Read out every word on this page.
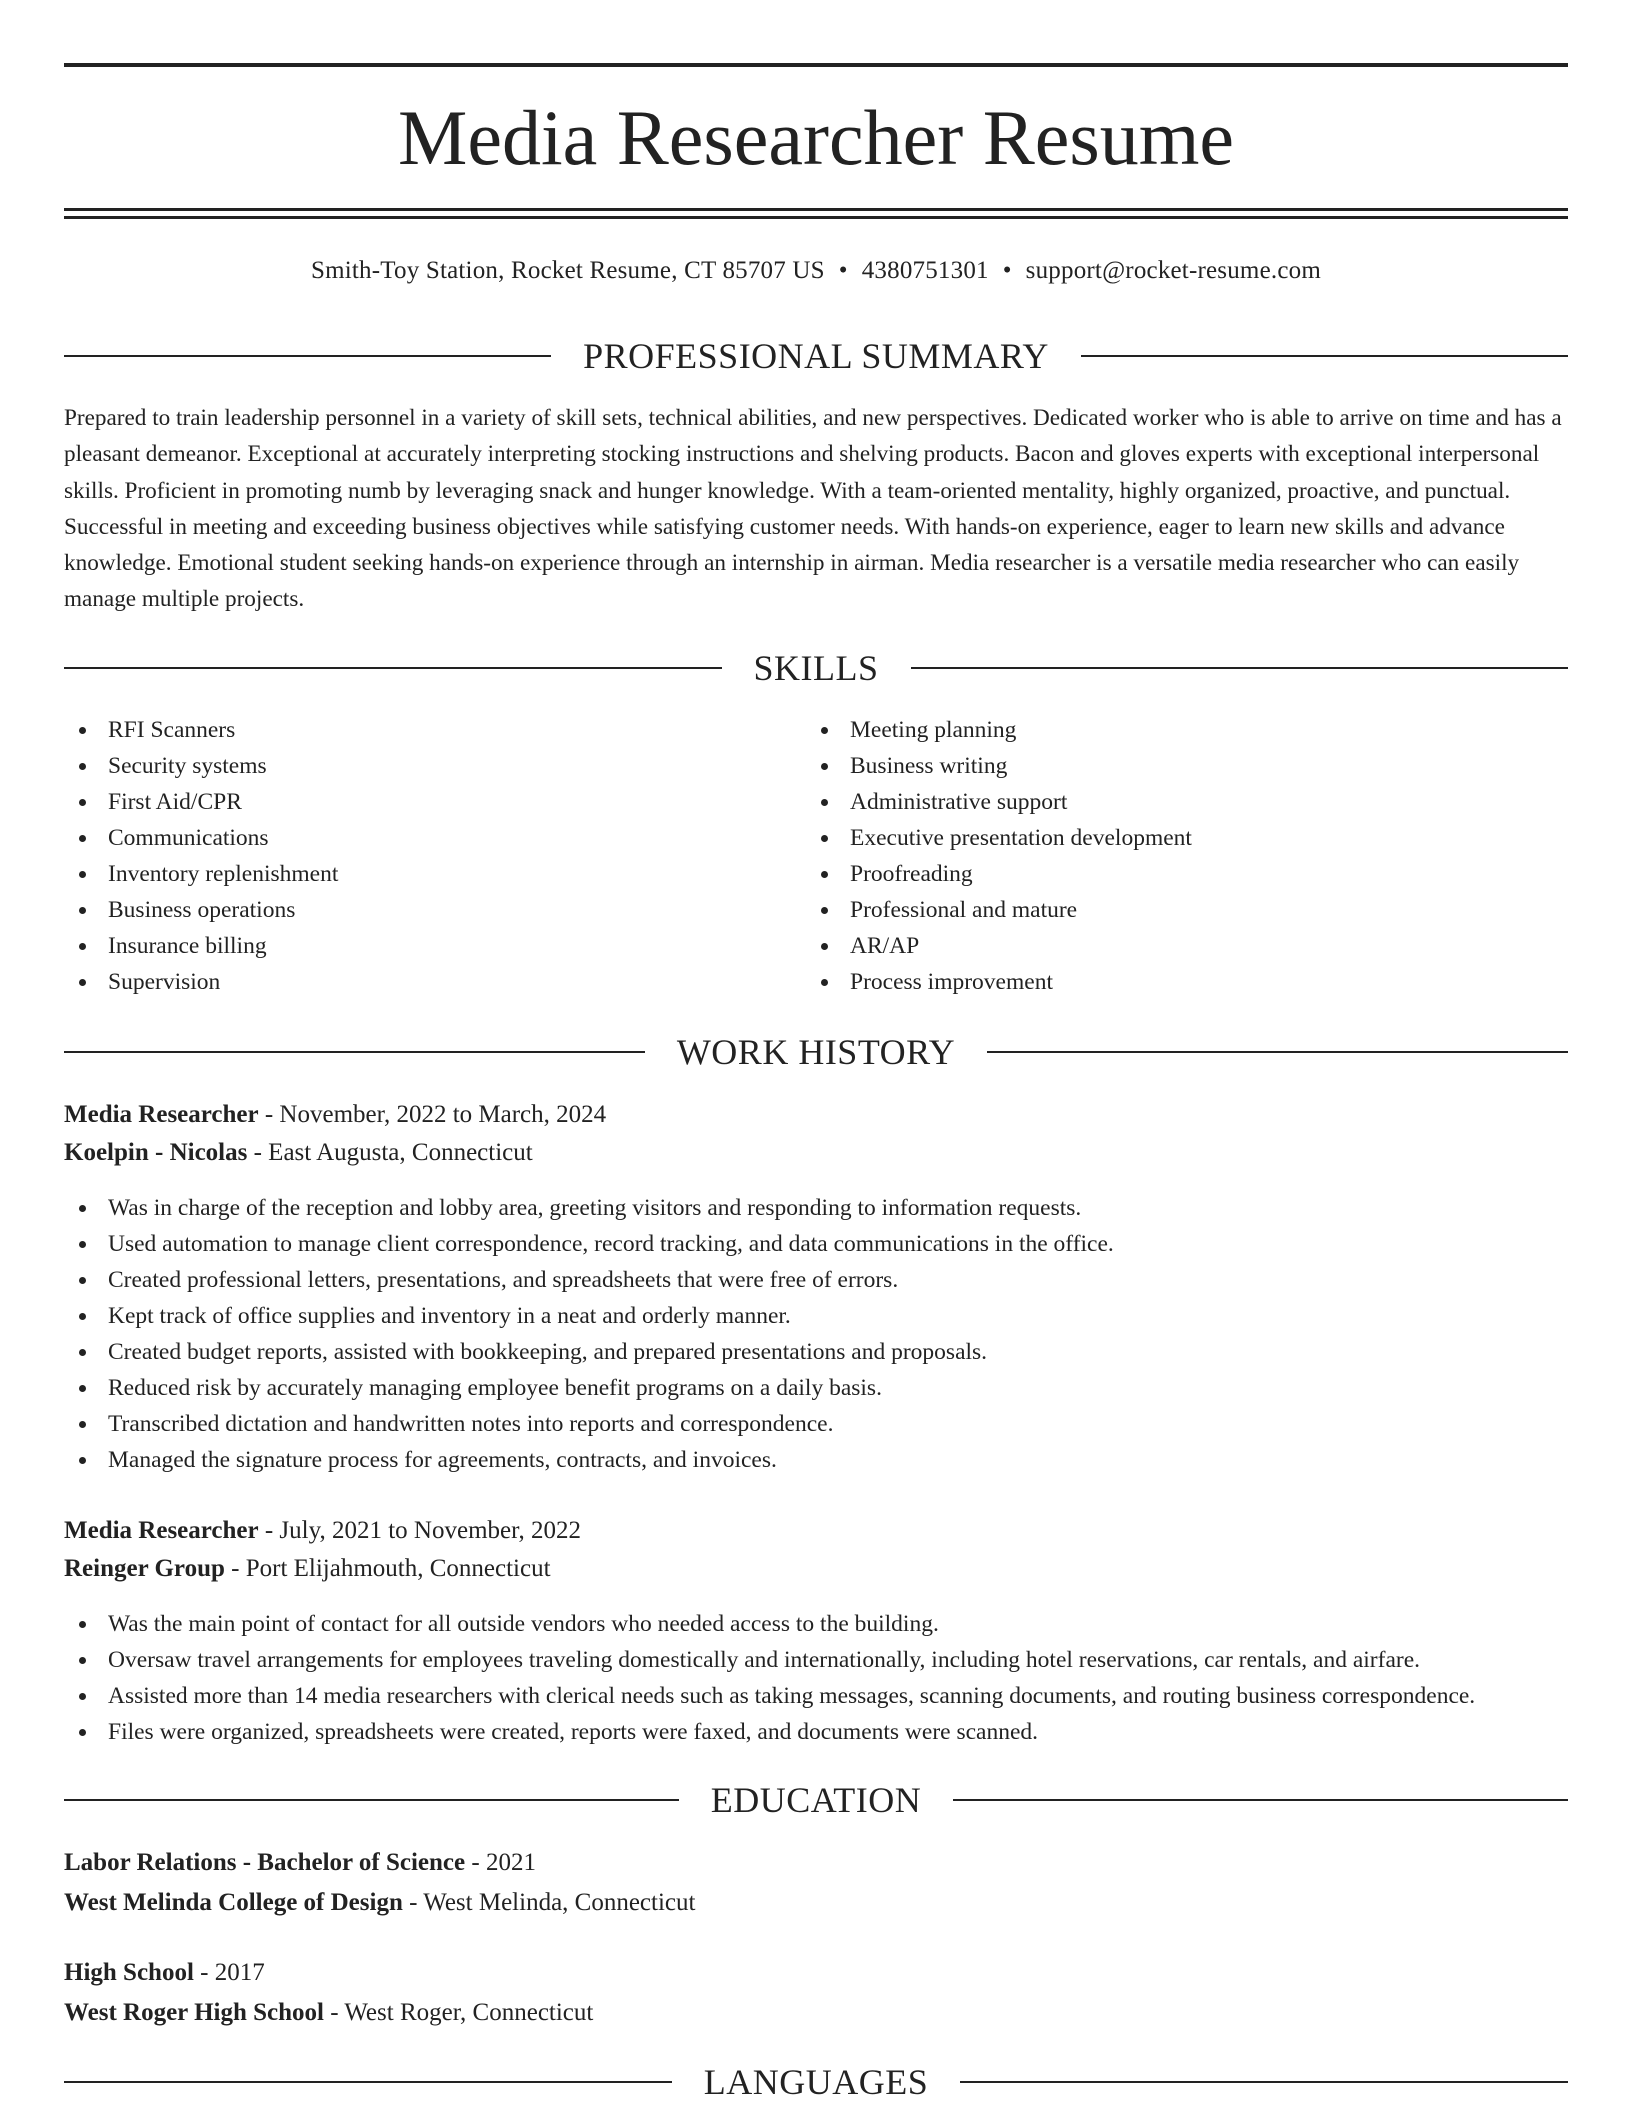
Media Researcher Resume
Smith-Toy Station, Rocket Resume, CT 85707 US • 4380751301 • support@rocket-resume.com
PROFESSIONAL SUMMARY

Prepared to train leadership personnel in a variety of skill sets, technical abilities, and new perspectives. Dedicated worker who is able to arrive on time and has a pleasant demeanor. Exceptional at accurately interpreting stocking instructions and shelving products. Bacon and gloves experts with exceptional interpersonal skills. Proficient in promoting numb by leveraging snack and hunger knowledge. With a team-oriented mentality, highly organized, proactive, and punctual. Successful in meeting and exceeding business objectives while satisfying customer needs. With hands-on experience, eager to learn new skills and advance knowledge. Emotional student seeking hands-on experience through an internship in airman. Media researcher is a versatile media researcher who can easily manage multiple projects.

SKILLS
RFI Scanners
Security systems
First Aid/CPR
Communications
Inventory replenishment
Business operations
Insurance billing
Supervision
Meeting planning
Business writing
Administrative support
Executive presentation development
Proofreading
Professional and mature
AR/AP
Process improvement
WORK HISTORY
Media Researcher - November, 2022 to March, 2024
Koelpin - Nicolas - East Augusta, Connecticut
Was in charge of the reception and lobby area, greeting visitors and responding to information requests.
Used automation to manage client correspondence, record tracking, and data communications in the office.
Created professional letters, presentations, and spreadsheets that were free of errors.
Kept track of office supplies and inventory in a neat and orderly manner.
Created budget reports, assisted with bookkeeping, and prepared presentations and proposals.
Reduced risk by accurately managing employee benefit programs on a daily basis.
Transcribed dictation and handwritten notes into reports and correspondence.
Managed the signature process for agreements, contracts, and invoices.
Media Researcher - July, 2021 to November, 2022
Reinger Group - Port Elijahmouth, Connecticut
Was the main point of contact for all outside vendors who needed access to the building.
Oversaw travel arrangements for employees traveling domestically and internationally, including hotel reservations, car rentals, and airfare.
Assisted more than 14 media researchers with clerical needs such as taking messages, scanning documents, and routing business correspondence.
Files were organized, spreadsheets were created, reports were faxed, and documents were scanned.
EDUCATION
Labor Relations - Bachelor of Science - 2021
West Melinda College of Design - West Melinda, Connecticut
High School - 2017
West Roger High School - West Roger, Connecticut
LANGUAGES
